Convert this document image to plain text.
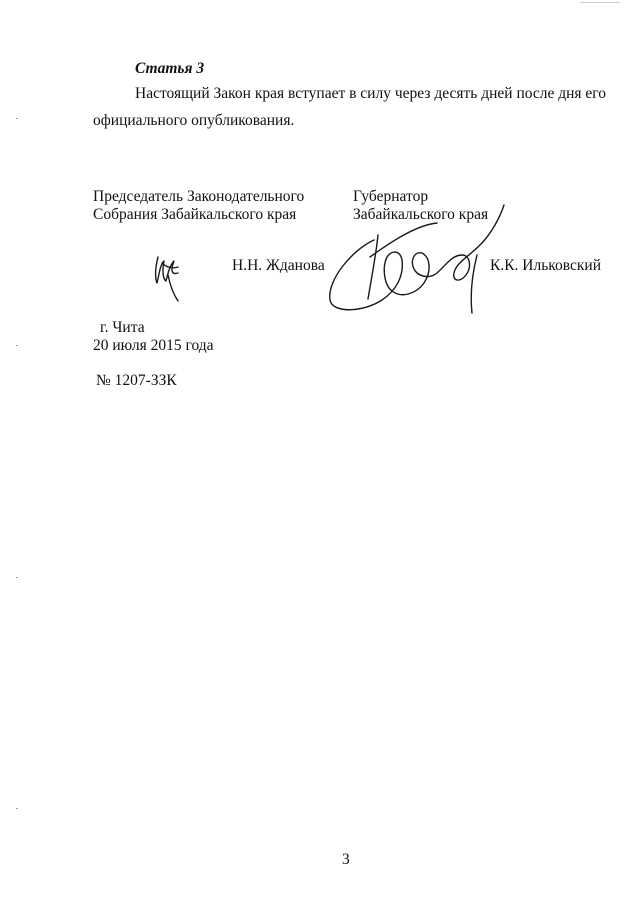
Статья 3
Настоящий Закон края вступает в силу через десять дней после дня его
официального опубликования.
Председатель Законодательного
Собрания Забайкальского края
Губернатор
Забайкальского края
Н.Н. Жданова	К.К. Ильковский
г. Чита
20 июля 2015 года
№ 1207-ЗЗК
3
